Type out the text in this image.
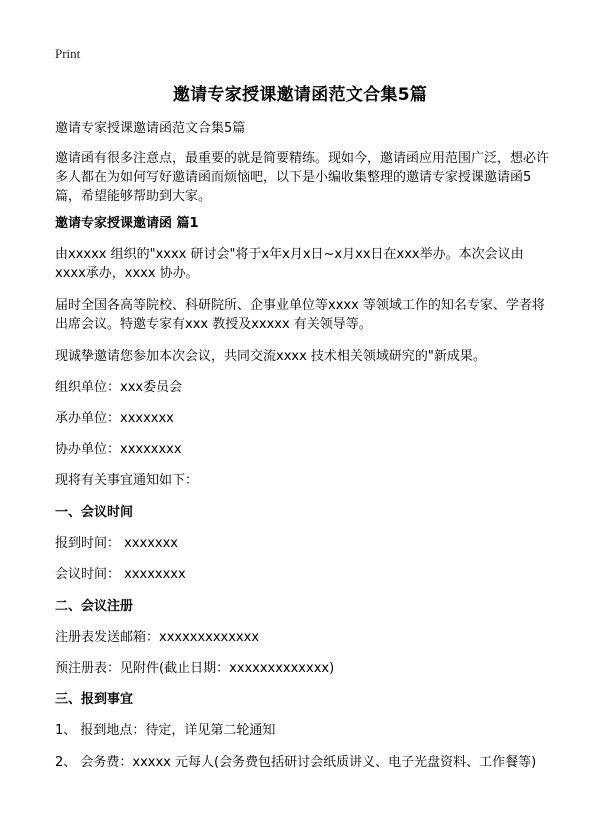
Print
邀请专家授课邀请函范文合集5篇
邀请专家授课邀请函范文合集5篇
邀请函有很多注意点，最重要的就是简要精练。现如今，邀请函应用范围广泛，想必许多人都在为如何写好邀请函而烦恼吧，以下是小编收集整理的邀请专家授课邀请函5篇，希望能够帮助到大家。
邀请专家授课邀请函 篇1
由xxxxx 组织的"xxxx 研讨会"将于x年x月x日~x月xx日在xxx举办。本次会议由xxxx承办，xxxx 协办。
届时全国各高等院校、科研院所、企事业单位等xxxx 等领域工作的知名专家、学者将出席会议。特邀专家有xxx 教授及xxxxx 有关领导等。
现诚挚邀请您参加本次会议，共同交流xxxx 技术相关领域研究的"新成果。
组织单位：xxx委员会
承办单位：xxxxxxx
协办单位：xxxxxxxx
现将有关事宜通知如下：
一、会议时间
报到时间： xxxxxxx
会议时间： xxxxxxxx
二、会议注册
注册表发送邮箱：xxxxxxxxxxxxx
预注册表：见附件(截止日期：xxxxxxxxxxxxx)
三、报到事宜
1、 报到地点：待定，详见第二轮通知
2、 会务费：xxxxx 元每人(会务费包括研讨会纸质讲义、电子光盘资料、工作餐等)
